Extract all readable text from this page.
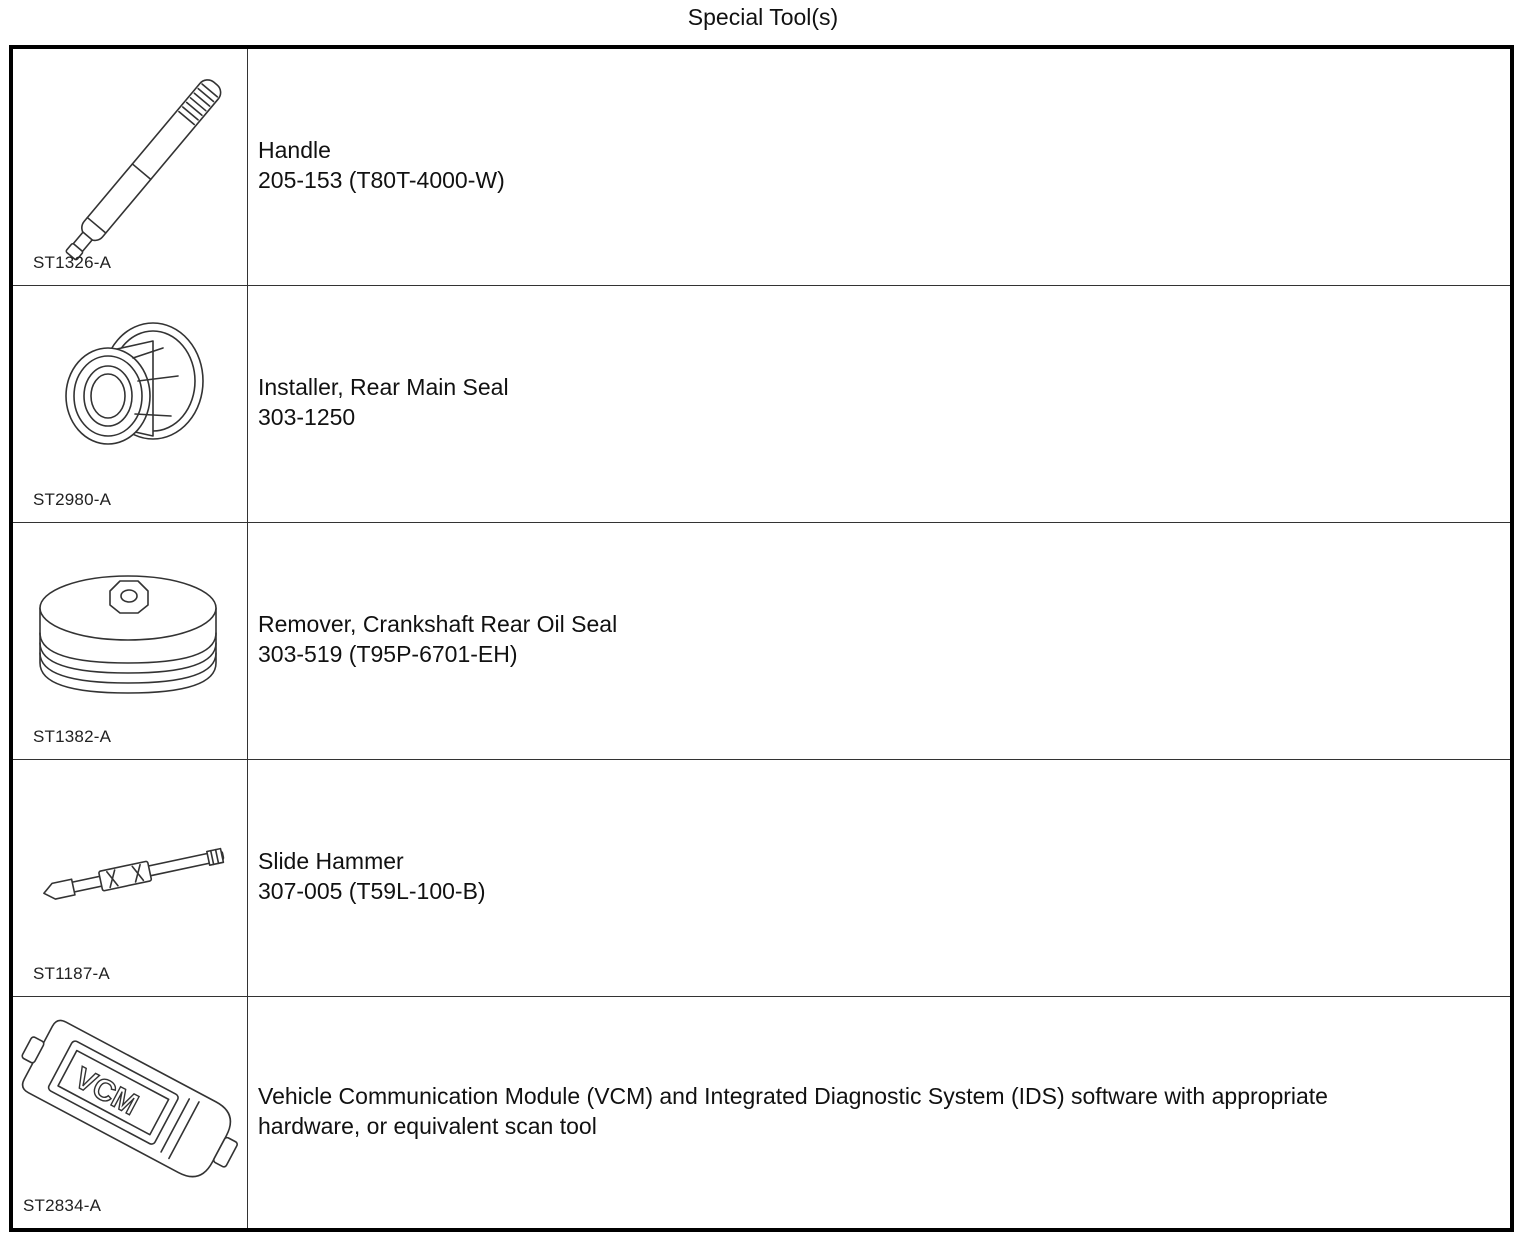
Special Tool(s)
ST1326-A
Handle
205-153 (T80T-4000-W)
ST2980-A
Installer, Rear Main Seal
303-1250
ST1382-A
Remover, Crankshaft Rear Oil Seal
303-519 (T95P-6701-EH)
ST1187-A
Slide Hammer
307-005 (T59L-100-B)
VCM
ST2834-A
Vehicle Communication Module (VCM) and Integrated Diagnostic System (IDS) software with appropriate
hardware, or equivalent scan tool
